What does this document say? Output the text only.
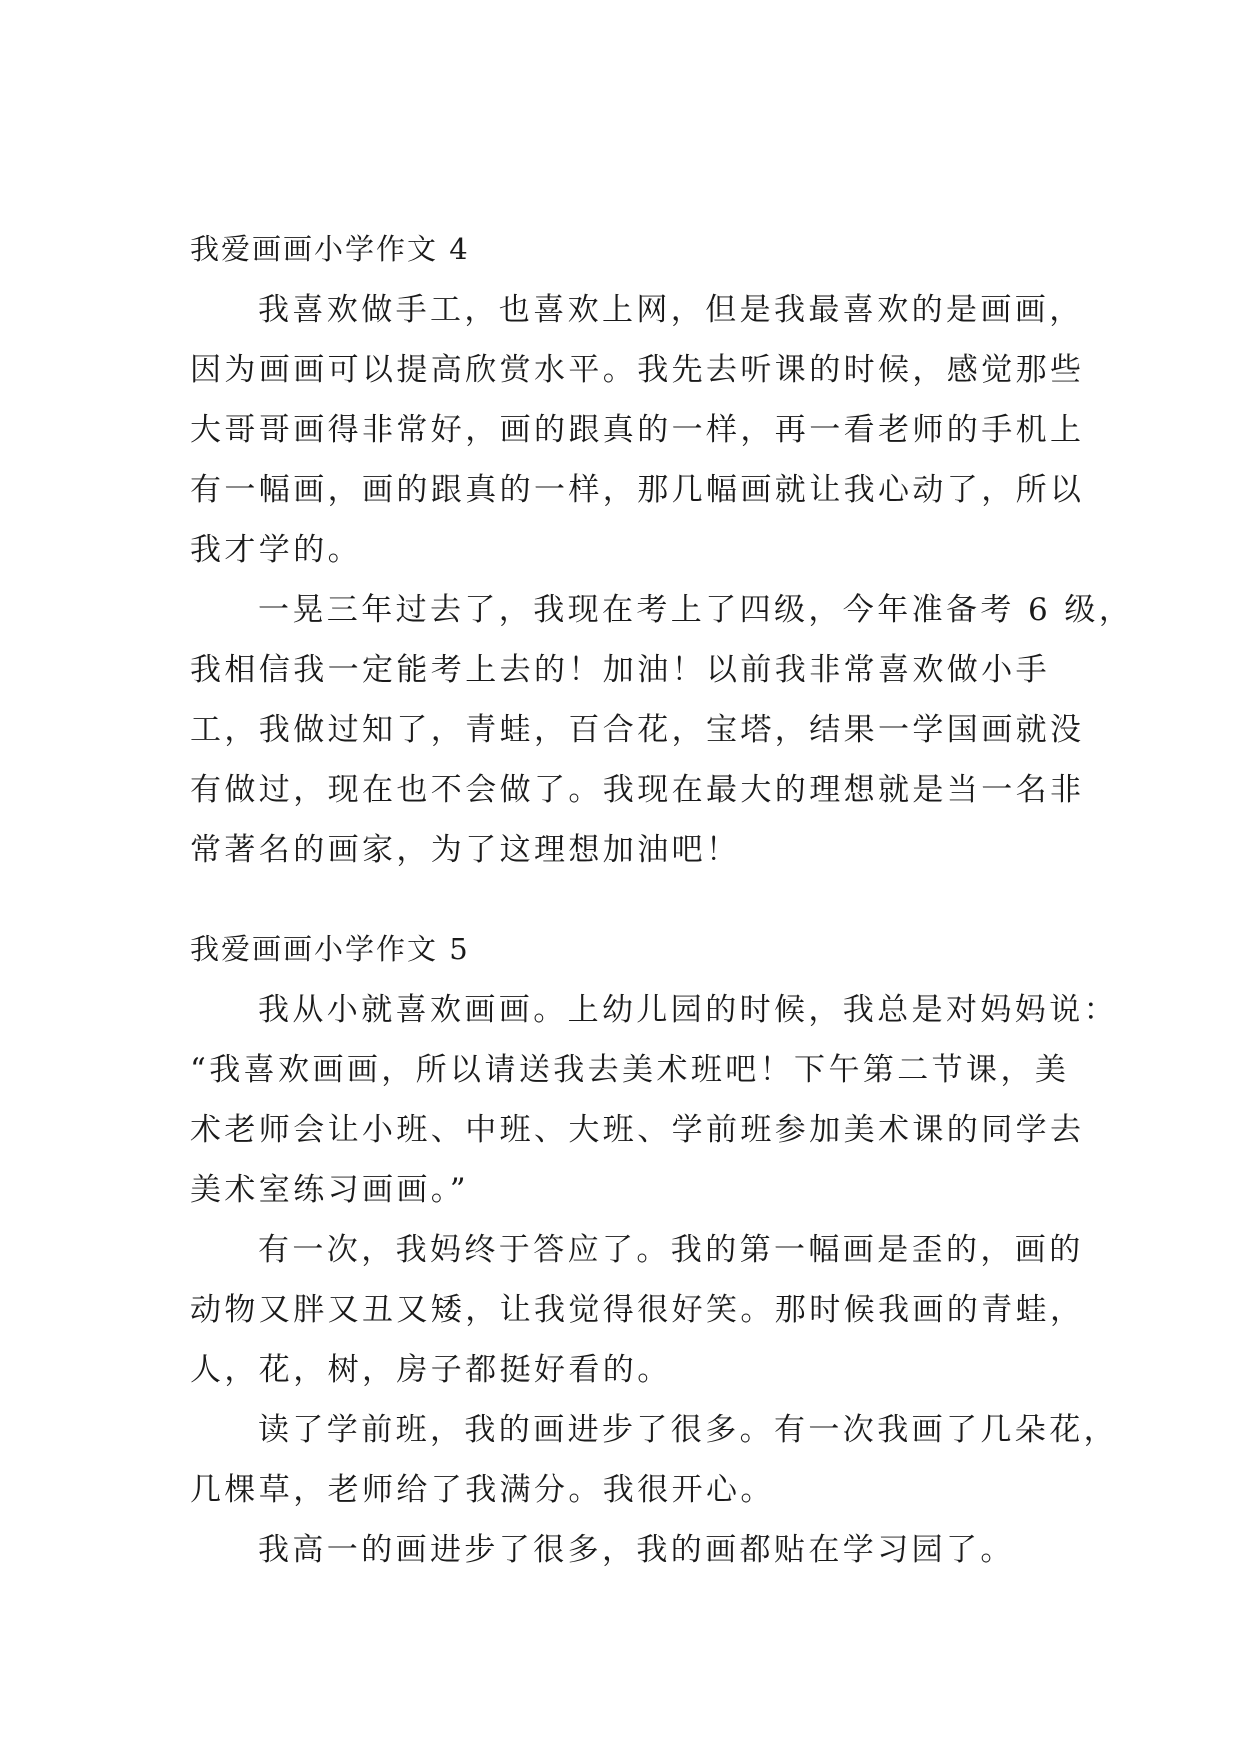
我爱画画小学作文 4
我喜欢做手工，也喜欢上网，但是我最喜欢的是画画，
因为画画可以提高欣赏水平。我先去听课的时候，感觉那些
大哥哥画得非常好，画的跟真的一样，再一看老师的手机上
有一幅画，画的跟真的一样，那几幅画就让我心动了，所以
我才学的。
一晃三年过去了，我现在考上了四级，今年准备考 6 级，
我相信我一定能考上去的！加油！以前我非常喜欢做小手
工，我做过知了，青蛙，百合花，宝塔，结果一学国画就没
有做过，现在也不会做了。我现在最大的理想就是当一名非
常著名的画家，为了这理想加油吧！
我爱画画小学作文 5
我从小就喜欢画画。上幼儿园的时候，我总是对妈妈说：
“我喜欢画画，所以请送我去美术班吧！下午第二节课，美
术老师会让小班、中班、大班、学前班参加美术课的同学去
美术室练习画画。”
有一次，我妈终于答应了。我的第一幅画是歪的，画的
动物又胖又丑又矮，让我觉得很好笑。那时候我画的青蛙，
人，花，树，房子都挺好看的。
读了学前班，我的画进步了很多。有一次我画了几朵花，
几棵草，老师给了我满分。我很开心。
我高一的画进步了很多，我的画都贴在学习园了。
